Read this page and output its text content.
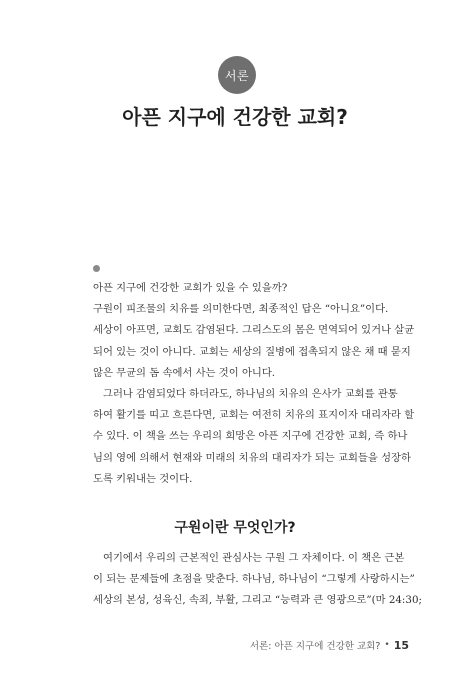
서론
아픈 지구에 건강한 교회?
아픈 지구에 건강한 교회가 있을 수 있을까?
구원이 피조물의 치유를 의미한다면, 최종적인 답은 “아니요”이다.
세상이 아프면, 교회도 감염된다. 그리스도의 몸은 면역되어 있거나 살균
되어 있는 것이 아니다. 교회는 세상의 질병에 접촉되지 않은 채 때 묻지
않은 무균의 돔 속에서 사는 것이 아니다.
그러나 감염되었다 하더라도, 하나님의 치유의 은사가 교회를 관통
하여 활기를 띠고 흐른다면, 교회는 여전히 치유의 표지이자 대리자라 할
수 있다. 이 책을 쓰는 우리의 희망은 아픈 지구에 건강한 교회, 즉 하나
님의 영에 의해서 현재와 미래의 치유의 대리자가 되는 교회들을 성장하
도록 키워내는 것이다.
구원이란 무엇인가?
여기에서 우리의 근본적인 관심사는 구원 그 자체이다. 이 책은 근본
이 되는 문제들에 초점을 맞춘다. 하나님, 하나님이 “그렇게 사랑하시는”
세상의 본성, 성육신, 속죄, 부활, 그리고 “능력과 큰 영광으로”(마 24:30;
서론: 아픈 지구에 건강한 교회? • 15
